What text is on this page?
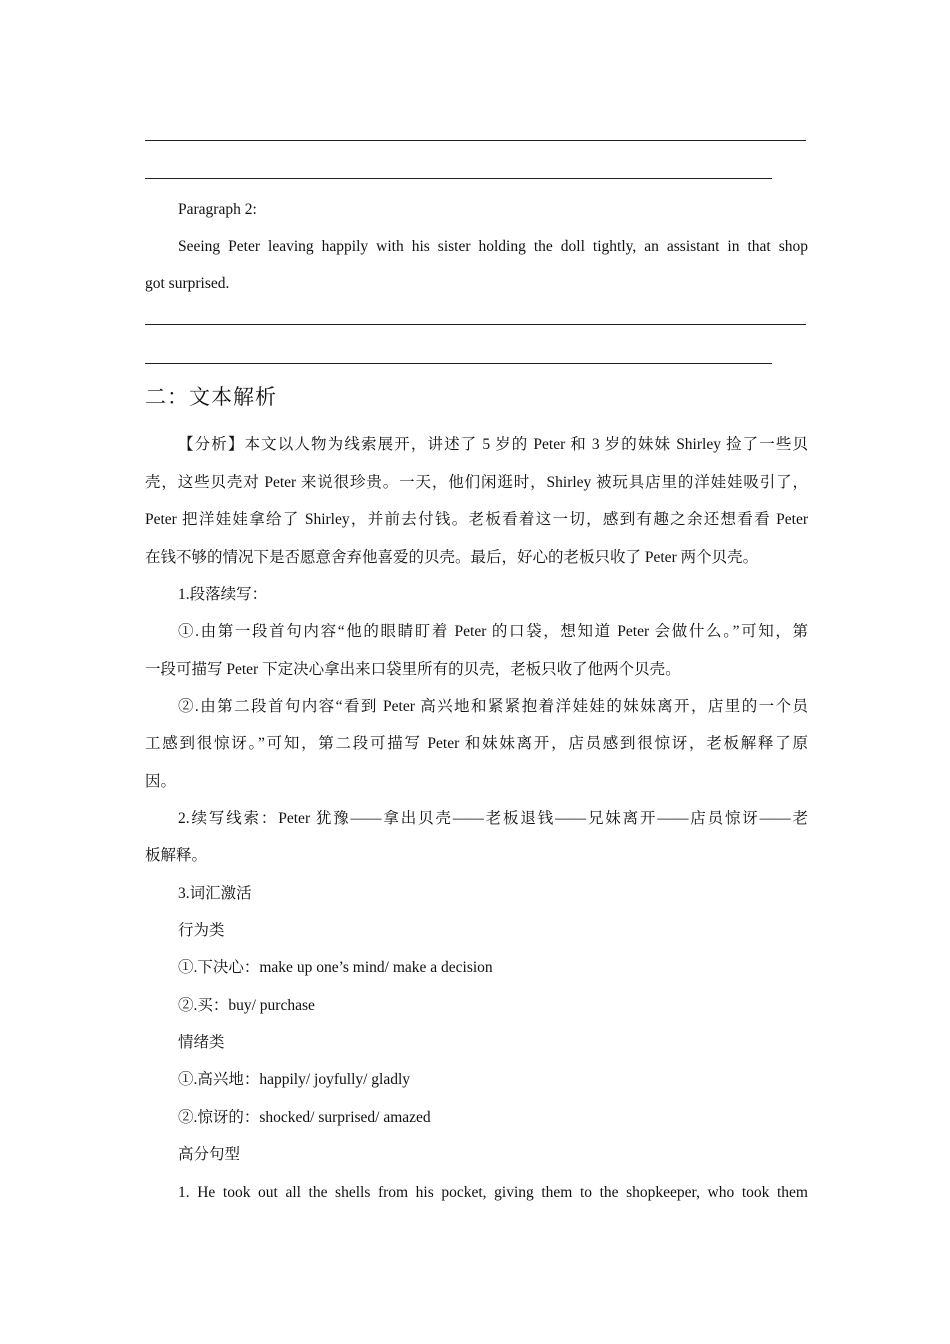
Paragraph 2:
Seeing Peter leaving happily with his sister holding the doll tightly, an assistant in that shop
got surprised.
二：文本解析
【分析】本文以人物为线索展开，讲述了 5 岁的 Peter 和 3 岁的妹妹 Shirley 捡了一些贝
壳，这些贝壳对 Peter 来说很珍贵。一天，他们闲逛时，Shirley 被玩具店里的洋娃娃吸引了，
Peter 把洋娃娃拿给了 Shirley，并前去付钱。老板看着这一切，感到有趣之余还想看看 Peter
在钱不够的情况下是否愿意舍弃他喜爱的贝壳。最后，好心的老板只收了 Peter 两个贝壳。
1.段落续写：
①.由第一段首句内容“他的眼睛盯着 Peter 的口袋，想知道 Peter 会做什么。”可知，第
一段可描写 Peter 下定决心拿出来口袋里所有的贝壳，老板只收了他两个贝壳。
②.由第二段首句内容“看到 Peter 高兴地和紧紧抱着洋娃娃的妹妹离开，店里的一个员
工感到很惊讶。”可知，第二段可描写 Peter 和妹妹离开，店员感到很惊讶，老板解释了原
因。
2.续写线索：Peter 犹豫——拿出贝壳——老板退钱——兄妹离开——店员惊讶——老
板解释。
3.词汇激活
行为类
①.下决心：make up one’s mind/ make a decision
②.买：buy/ purchase
情绪类
①.高兴地：happily/ joyfully/ gladly
②.惊讶的：shocked/ surprised/ amazed
高分句型
1. He took out all the shells from his pocket, giving them to the shopkeeper, who took them
